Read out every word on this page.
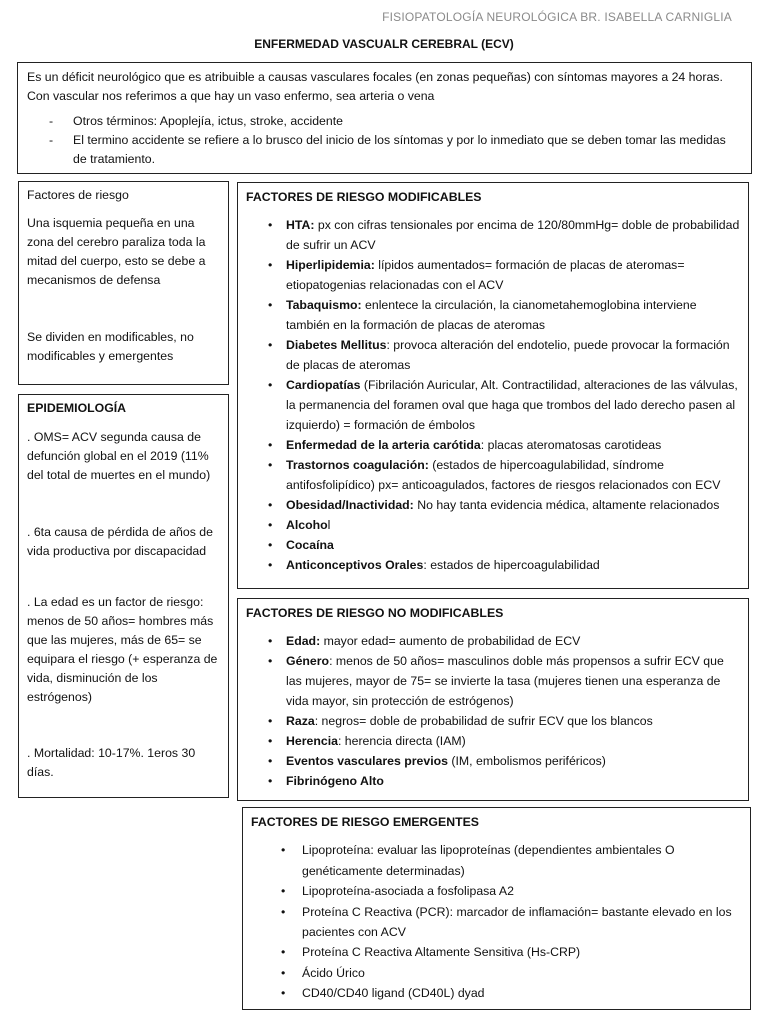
FISIOPATOLOGÍA NEUROLÓGICA BR. ISABELLA CARNIGLIA
ENFERMEDAD VASCUALR CEREBRAL (ECV)

Es un déficit neurológico que es atribuible a causas vasculares focales (en zonas pequeñas) con síntomas mayores a 24 horas. Con vascular nos referimos a que hay un vaso enfermo, sea arteria o vena

- Otros términos: Apoplejía, ictus, stroke, accidente
- El termino accidente se refiere a lo brusco del inicio de los síntomas y por lo inmediato que se deben tomar las medidas de tratamiento.

Factores de riesgo

Una isquemia pequeña en una zona del cerebro paraliza toda la mitad del cuerpo, esto se debe a mecanismos de defensa

Se dividen en modificables, no modificables y emergentes

EPIDEMIOLOGÍA

. OMS= ACV segunda causa de defunción global en el 2019 (11% del total de muertes en el mundo)

. 6ta causa de pérdida de años de vida productiva por discapacidad

. La edad es un factor de riesgo: menos de 50 años= hombres más que las mujeres, más de 65= se equipara el riesgo (+ esperanza de vida, disminución de los estrógenos)

. Mortalidad: 10-17%. 1eros 30 días.

FACTORES DE RIESGO MODIFICABLES

• HTA: px con cifras tensionales por encima de 120/80mmHg= doble de probabilidad de sufrir un ACV
• Hiperlipidemia: lípidos aumentados= formación de placas de ateromas= etiopatogenias relacionadas con el ACV
• Tabaquismo: enlentece la circulación, la cianometahemoglobina interviene también en la formación de placas de ateromas
• Diabetes Mellitus: provoca alteración del endotelio, puede provocar la formación de placas de ateromas
• Cardiopatías (Fibrilación Auricular, Alt. Contractilidad, alteraciones de las válvulas, la permanencia del foramen oval que haga que trombos del lado derecho pasen al izquierdo) = formación de émbolos
• Enfermedad de la arteria carótida: placas ateromatosas carotideas
• Trastornos coagulación: (estados de hipercoagulabilidad, síndrome antifosfolipídico) px= anticoagulados, factores de riesgos relacionados con ECV
• Obesidad/Inactividad: No hay tanta evidencia médica, altamente relacionados
• Alcohol
• Cocaína
• Anticonceptivos Orales: estados de hipercoagulabilidad

FACTORES DE RIESGO NO MODIFICABLES

• Edad: mayor edad= aumento de probabilidad de ECV
• Género: menos de 50 años= masculinos doble más propensos a sufrir ECV que las mujeres, mayor de 75= se invierte la tasa (mujeres tienen una esperanza de vida mayor, sin protección de estrógenos)
• Raza: negros= doble de probabilidad de sufrir ECV que los blancos
• Herencia: herencia directa (IAM)
• Eventos vasculares previos (IM, embolismos periféricos)
• Fibrinógeno Alto

FACTORES DE RIESGO EMERGENTES

• Lipoproteína: evaluar las lipoproteínas (dependientes ambientales O genéticamente determinadas)
• Lipoproteína-asociada a fosfolipasa A2
• Proteína C Reactiva (PCR): marcador de inflamación= bastante elevado en los pacientes con ACV
• Proteína C Reactiva Altamente Sensitiva (Hs-CRP)
• Ácido Úrico
• CD40/CD40 ligand (CD40L) dyad
